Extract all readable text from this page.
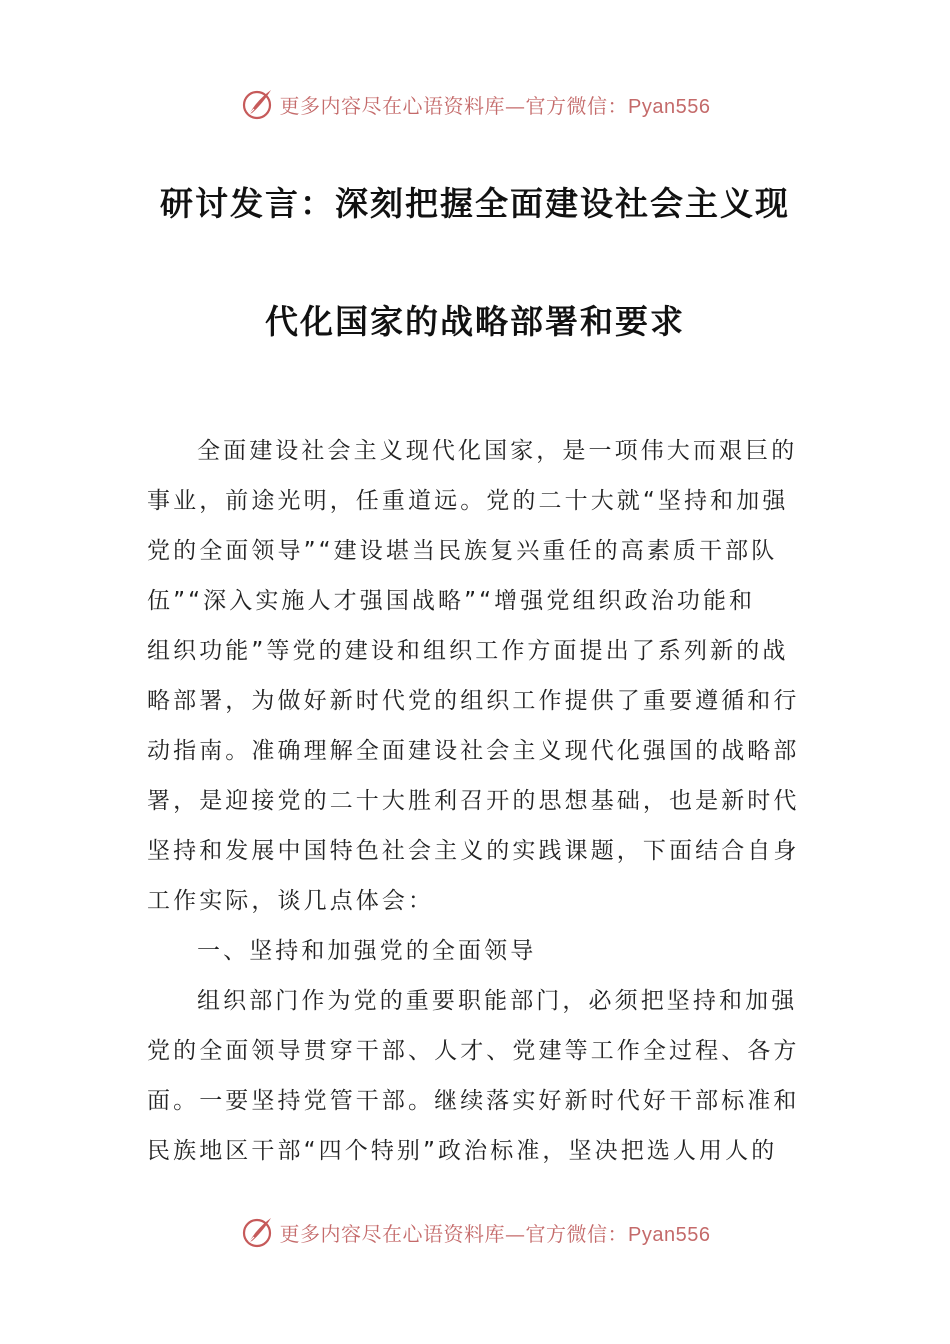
更多内容尽在心语资料库—官方微信：Pyan556
研讨发言：深刻把握全面建设社会主义现
代化国家的战略部署和要求
全面建设社会主义现代化国家，是一项伟大而艰巨的
事业，前途光明，任重道远。党的二十大就“坚持和加强
党的全面领导”“建设堪当民族复兴重任的高素质干部队
伍”“深入实施人才强国战略”“增强党组织政治功能和
组织功能”等党的建设和组织工作方面提出了系列新的战
略部署，为做好新时代党的组织工作提供了重要遵循和行
动指南。准确理解全面建设社会主义现代化强国的战略部
署，是迎接党的二十大胜利召开的思想基础，也是新时代
坚持和发展中国特色社会主义的实践课题，下面结合自身
工作实际，谈几点体会：
一、坚持和加强党的全面领导
组织部门作为党的重要职能部门，必须把坚持和加强
党的全面领导贯穿干部、人才、党建等工作全过程、各方
面。一要坚持党管干部。继续落实好新时代好干部标准和
民族地区干部“四个特别”政治标准，坚决把选人用人的
更多内容尽在心语资料库—官方微信：Pyan556
